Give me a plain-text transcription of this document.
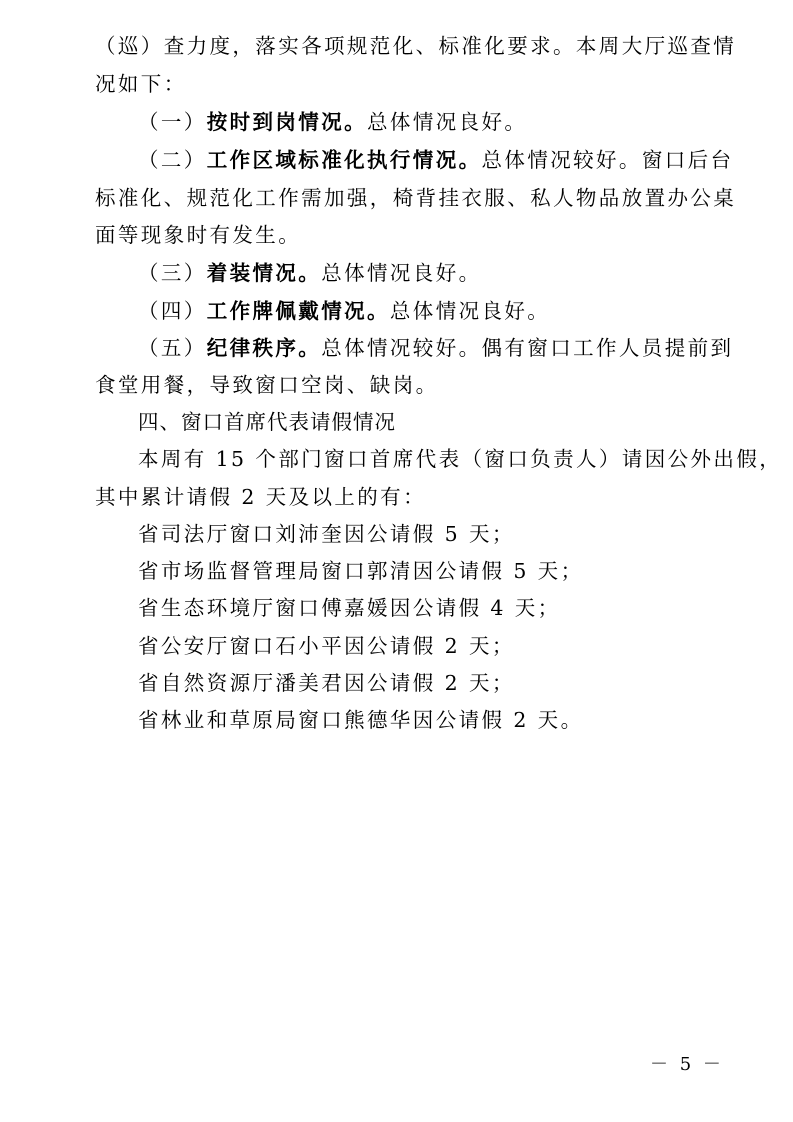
（巡）查力度，落实各项规范化、标准化要求。本周大厅巡查情
况如下：
（一）按时到岗情况。总体情况良好。
（二）工作区域标准化执行情况。总体情况较好。窗口后台
标准化、规范化工作需加强，椅背挂衣服、私人物品放置办公桌
面等现象时有发生。
（三）着装情况。总体情况良好。
（四）工作牌佩戴情况。总体情况良好。
（五）纪律秩序。总体情况较好。偶有窗口工作人员提前到
食堂用餐，导致窗口空岗、缺岗。
四、窗口首席代表请假情况
本周有 15 个部门窗口首席代表（窗口负责人）请因公外出假，
其中累计请假 2 天及以上的有：
省司法厅窗口刘沛奎因公请假 5 天；
省市场监督管理局窗口郭清因公请假 5 天；
省生态环境厅窗口傅嘉媛因公请假 4 天；
省公安厅窗口石小平因公请假 2 天；
省自然资源厅潘美君因公请假 2 天；
省林业和草原局窗口熊德华因公请假 2 天。
－ 5 －
